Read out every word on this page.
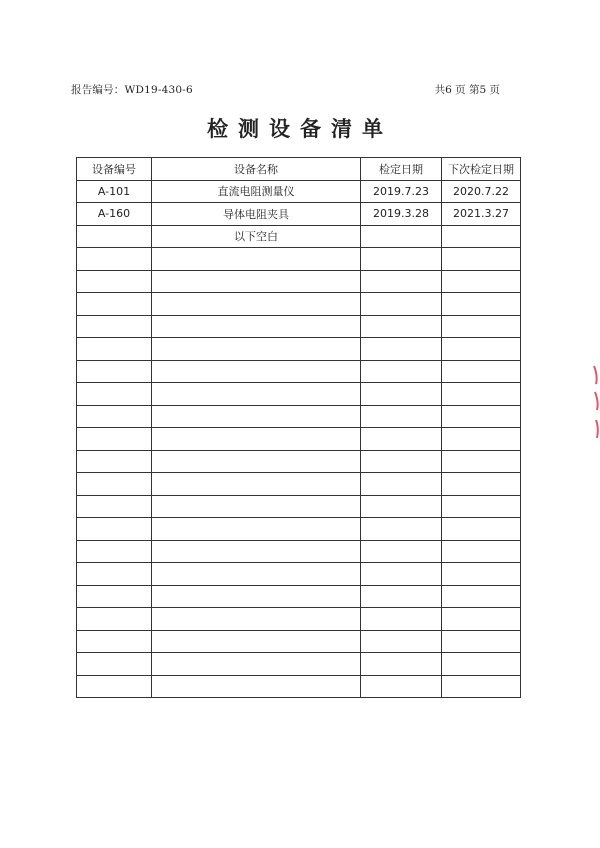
报告编号：WD19-430-6	共6 页 第5 页
检测设备清单
设备编号	设备名称	检定日期	下次检定日期
A-101	直流电阻测量仪	2019.7.23	2020.7.22
A-160	导体电阻夹具	2019.3.28	2021.3.27
	以下空白		
